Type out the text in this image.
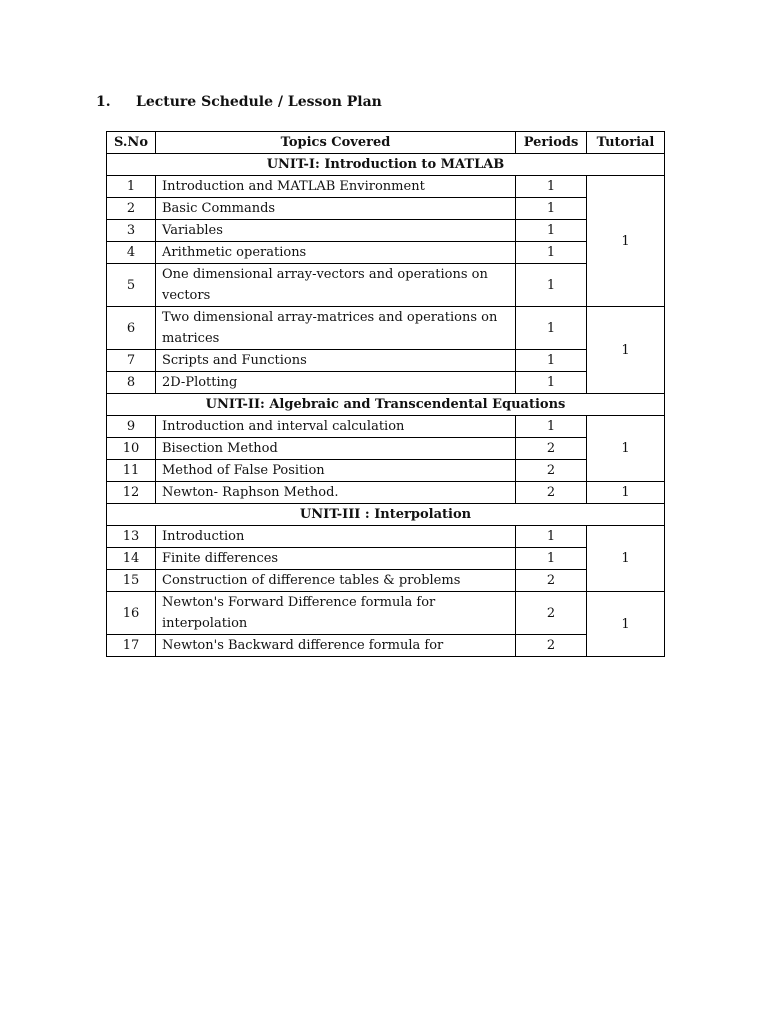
1. Lecture Schedule / Lesson Plan
S.No	Topics Covered	Periods	Tutorial
UNIT-I: Introduction to MATLAB			
1	Introduction and MATLAB Environment	1	1
2	Basic Commands	1	
3	Variables	1	
4	Arithmetic operations	1	
5	One dimensional array-vectors and operations on vectors	1	
6	Two dimensional array-matrices and operations on matrices	1	1
7	Scripts and Functions	1	
8	2D-Plotting	1	
UNIT-II: Algebraic and Transcendental Equations			
9	Introduction and interval calculation	1	1
10	Bisection Method	2	
11	Method of False Position	2	
12	Newton- Raphson Method.	2	1
UNIT-III : Interpolation			
13	Introduction	1	1
14	Finite differences	1	
15	Construction of difference tables & problems	2	
16	Newton's Forward Difference formula for interpolation	2	1
17	Newton's Backward difference formula for	2	
